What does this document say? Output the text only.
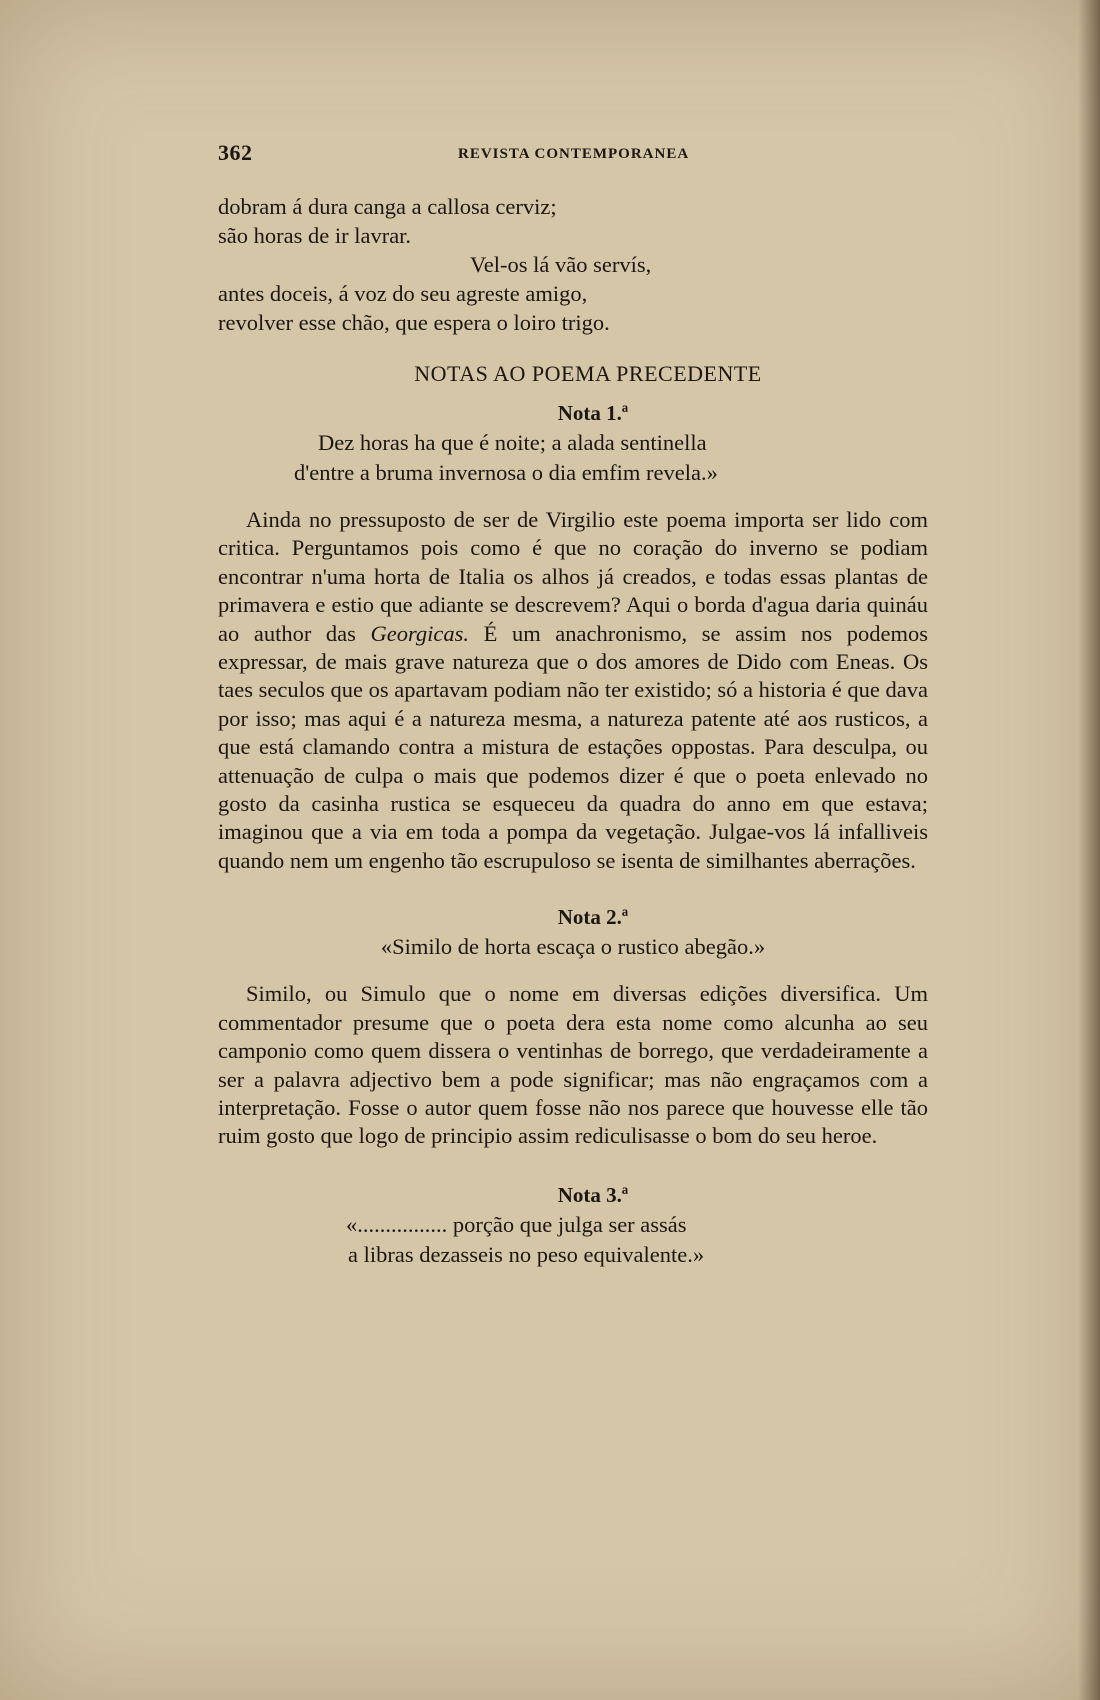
362	REVISTA CONTEMPORANEA
dobram á dura canga a callosa cerviz;
são horas de ir lavrar.
Vel-os lá vão servís,
antes doceis, á voz do seu agreste amigo,
revolver esse chão, que espera o loiro trigo.
NOTAS AO POEMA PRECEDENTE
Nota 1.ª
Dez horas ha que é noite; a alada sentinella
d'entre a bruma invernosa o dia emfim revela.»

Ainda no pressuposto de ser de Virgilio este poema importa ser lido com critica. Perguntamos pois como é que no coração do inverno se podiam encontrar n'uma horta de Italia os alhos já creados, e todas essas plantas de primavera e estio que adiante se descrevem? Aqui o borda d'agua daria quináu ao author das Georgicas. É um anachronismo, se assim nos podemos expressar, de mais grave natureza que o dos amores de Dido com Eneas. Os taes seculos que os apartavam podiam não ter existido; só a historia é que dava por isso; mas aqui é a natureza mesma, a natureza patente até aos rusticos, a que está clamando contra a mistura de estações oppostas. Para desculpa, ou attenuação de culpa o mais que podemos dizer é que o poeta enlevado no gosto da casinha rustica se esqueceu da quadra do anno em que estava; imaginou que a via em toda a pompa da vegetação. Julgae-vos lá infalliveis quando nem um engenho tão escrupuloso se isenta de similhantes aberrações.

Nota 2.ª
«Similo de horta escaça o rustico abegão.»

Similo, ou Simulo que o nome em diversas edições diversifica. Um commentador presume que o poeta dera esta nome como alcunha ao seu camponio como quem dissera o ventinhas de borrego, que verdadeiramente a ser a palavra adjectivo bem a pode significar; mas não engraçamos com a interpretação. Fosse o autor quem fosse não nos parece que houvesse elle tão ruim gosto que logo de principio assim rediculisasse o bom do seu heroe.

Nota 3.ª
«................ porção que julga ser assás
a libras dezasseis no peso equivalente.»
